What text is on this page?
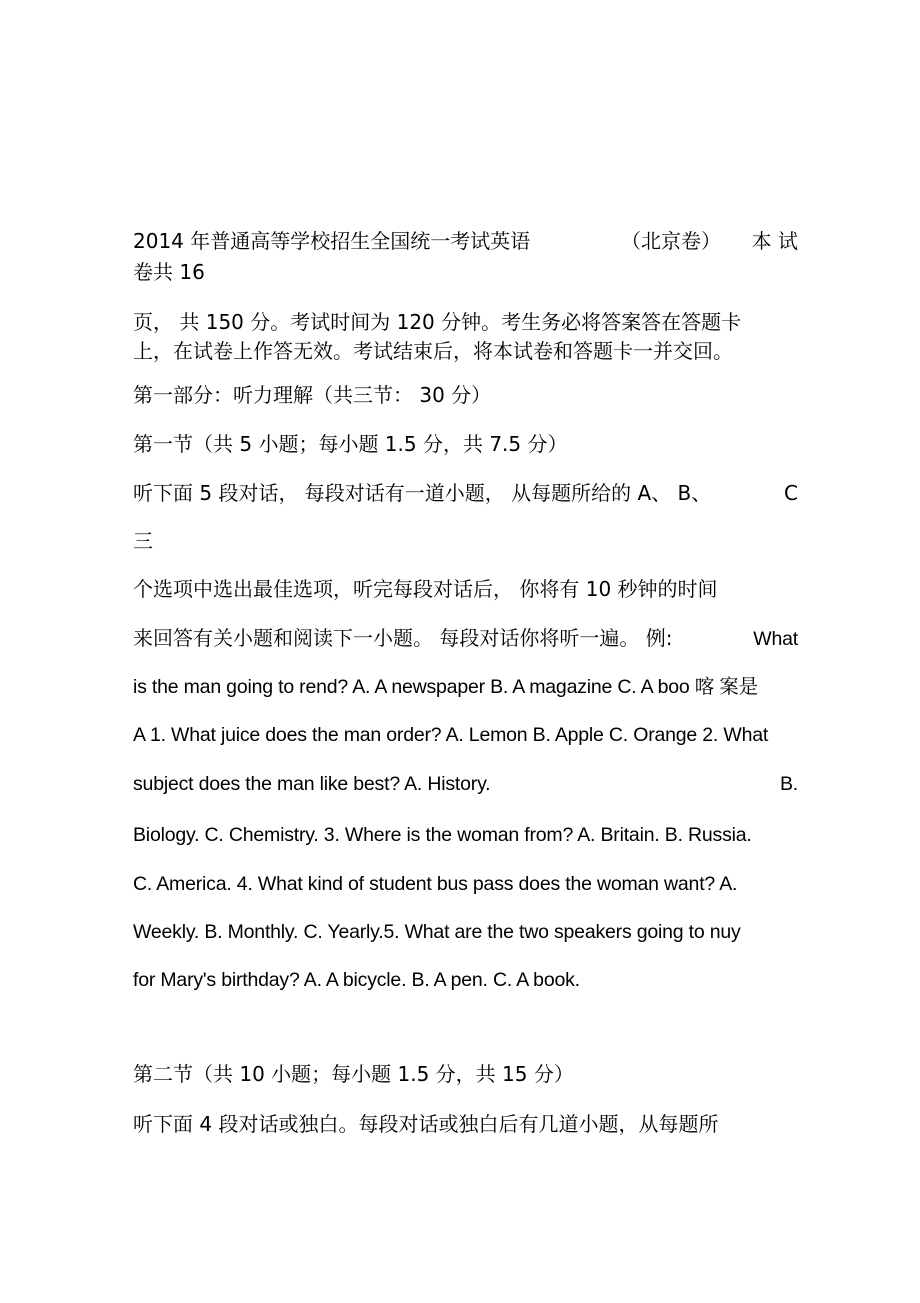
2014 年普通高等学校招生全国统一考试英语	（北京卷） 本 试
卷共 16
页， 共 150 分。考试时间为 120 分钟。考生务必将答案答在答题卡
上，在试卷上作答无效。考试结束后，将本试卷和答题卡一并交回。
第一部分：听力理解（共三节： 30 分）
第一节（共 5 小题；每小题 1.5 分，共 7.5 分）
听下面 5 段对话， 每段对话有一道小题， 从每题所给的 A、 B、	C
三
个选项中选出最佳选项，听完每段对话后， 你将有 10 秒钟的时间
来回答有关小题和阅读下一小题。 每段对话你将听一遍。 例:	What
is the man going to rend? A. A newspaper B. A magazine C. A boo 喀 案是
A 1. What juice does the man order? A. Lemon B. Apple C. Orange 2. What
subject does the man like best? A. History.	B.
Biology. C. Chemistry. 3. Where is the woman from? A. Britain. B. Russia.
C. America. 4. What kind of student bus pass does the woman want? A.
Weekly. B. Monthly. C. Yearly.5. What are the two speakers going to nuy
for Mary's birthday? A. A bicycle. B. A pen. C. A book.
第二节（共 10 小题；每小题 1.5 分，共 15 分）
听下面 4 段对话或独白。每段对话或独白后有几道小题，从每题所
